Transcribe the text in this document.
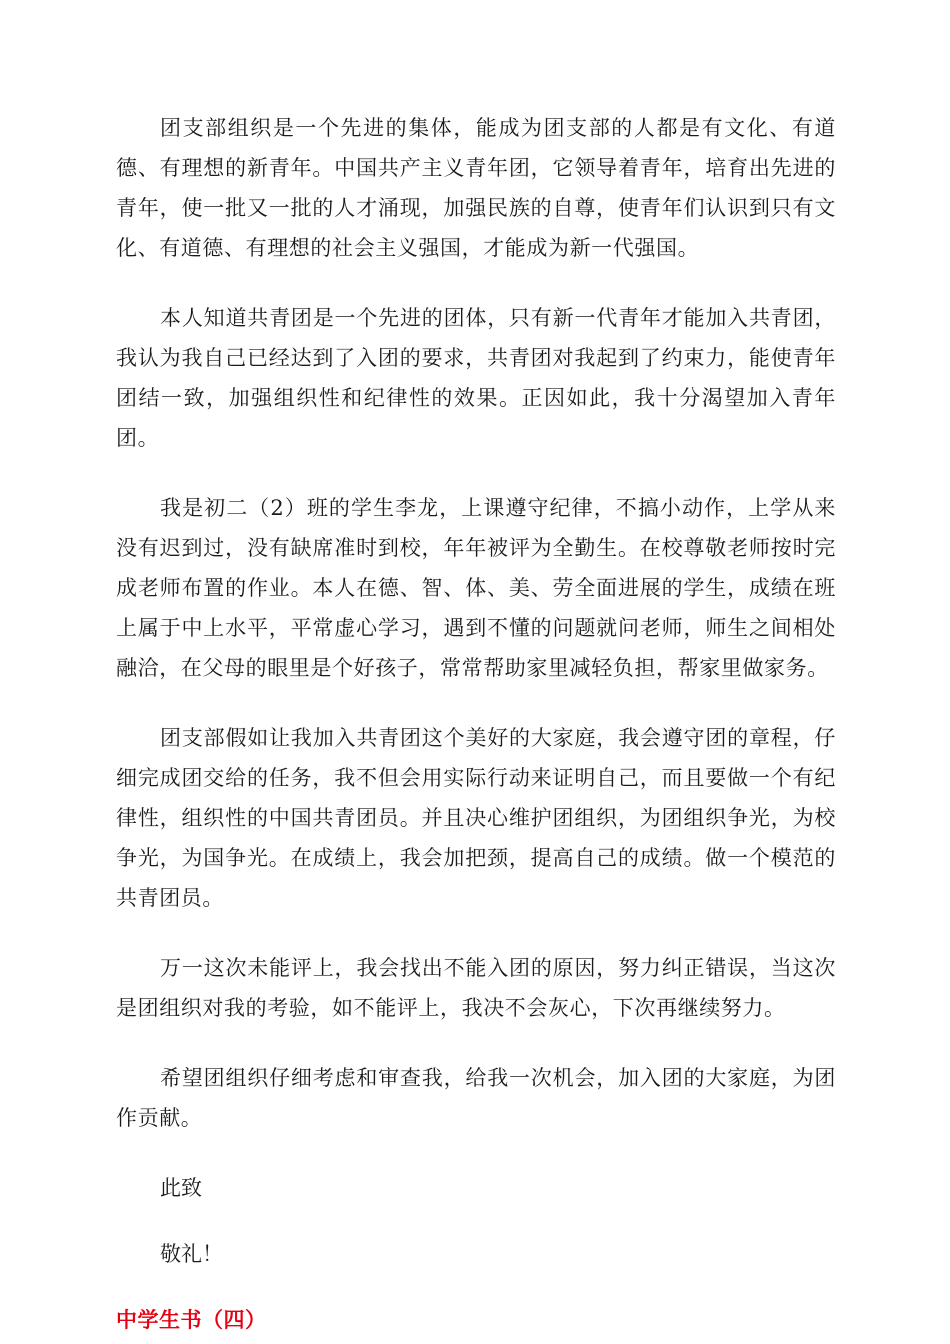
团支部组织是一个先进的集体，能成为团支部的人都是有文化、有道德、有理想的新青年。中国共产主义青年团，它领导着青年，培育出先进的青年，使一批又一批的人才涌现，加强民族的自尊，使青年们认识到只有文化、有道德、有理想的社会主义强国，才能成为新一代强国。

本人知道共青团是一个先进的团体，只有新一代青年才能加入共青团，我认为我自己已经达到了入团的要求，共青团对我起到了约束力，能使青年团结一致，加强组织性和纪律性的效果。正因如此，我十分渴望加入青年团。

我是初二（2）班的学生李龙，上课遵守纪律，不搞小动作，上学从来没有迟到过，没有缺席准时到校，年年被评为全勤生。在校尊敬老师按时完成老师布置的作业。本人在德、智、体、美、劳全面进展的学生，成绩在班上属于中上水平，平常虚心学习，遇到不懂的问题就问老师，师生之间相处融洽，在父母的眼里是个好孩子，常常帮助家里减轻负担，帮家里做家务。

团支部假如让我加入共青团这个美好的大家庭，我会遵守团的章程，仔细完成团交给的任务，我不但会用实际行动来证明自己，而且要做一个有纪律性，组织性的中国共青团员。并且决心维护团组织，为团组织争光，为校争光，为国争光。在成绩上，我会加把颈，提高自己的成绩。做一个模范的共青团员。

万一这次未能评上，我会找出不能入团的原因，努力纠正错误，当这次是团组织对我的考验，如不能评上，我决不会灰心，下次再继续努力。

希望团组织仔细考虑和审查我，给我一次机会，加入团的大家庭，为团作贡献。

此致

敬礼！

中学生书（四）
